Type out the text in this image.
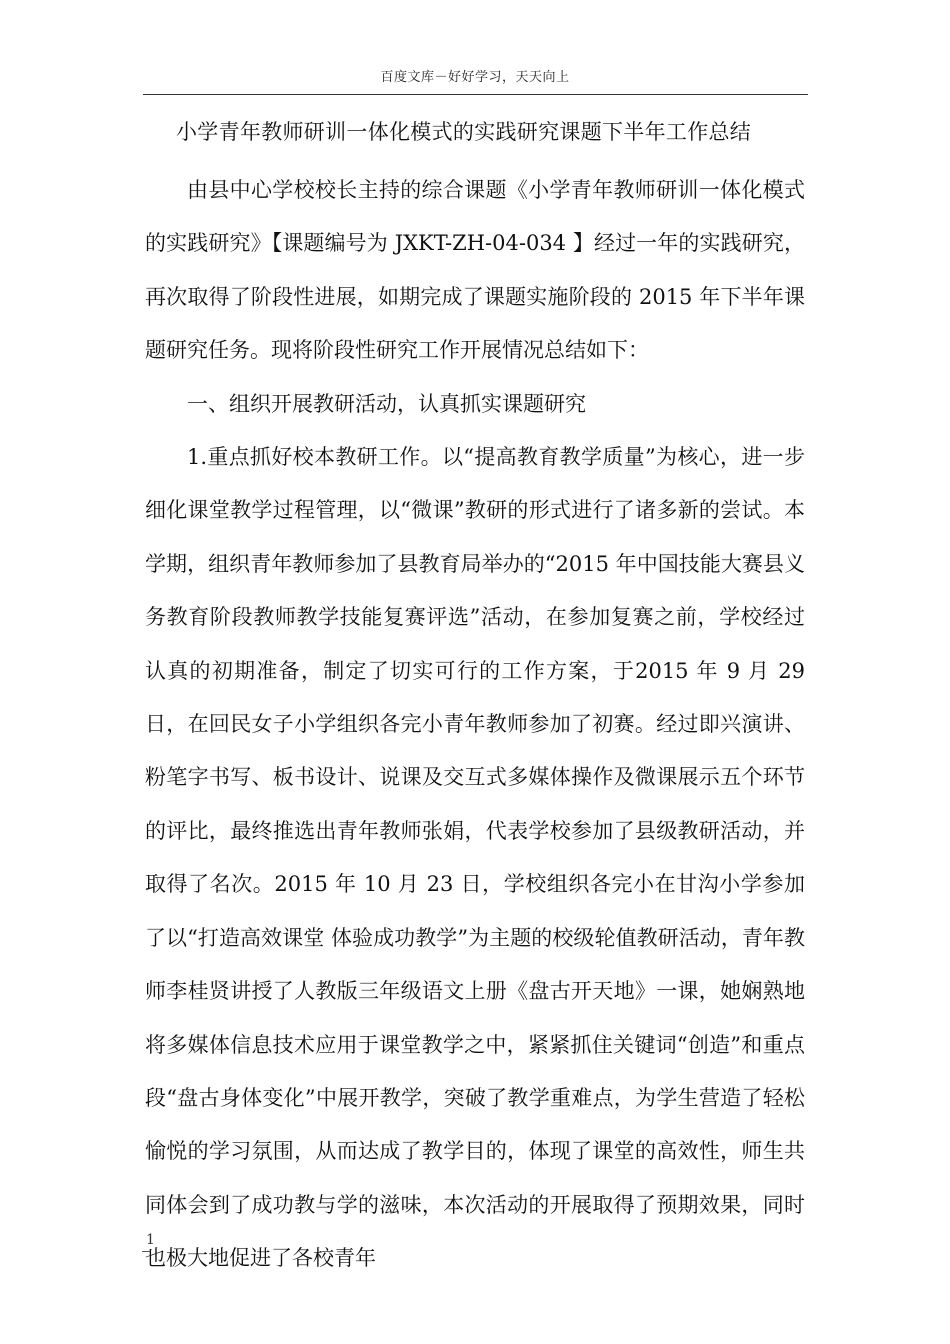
百度文库－好好学习，天天向上
小学青年教师研训一体化模式的实践研究课题下半年工作总结

由县中心学校校长主持的综合课题《小学青年教师研训一体化模式的实践研究》【课题编号为 JXKT-ZH-04-034 】经过一年的实践研究，再次取得了阶段性进展，如期完成了课题实施阶段的 2015 年下半年课题研究任务。现将阶段性研究工作开展情况总结如下：

一、组织开展教研活动，认真抓实课题研究

1.重点抓好校本教研工作。以“提高教育教学质量”为核心，进一步细化课堂教学过程管理，以“微课”教研的形式进行了诸多新的尝试。本学期，组织青年教师参加了县教育局举办的“2015 年中国技能大赛县义务教育阶段教师教学技能复赛评选”活动，在参加复赛之前，学校经过认真的初期准备，制定了切实可行的工作方案，于2015 年 9 月 29 日，在回民女子小学组织各完小青年教师参加了初赛。经过即兴演讲、粉笔字书写、板书设计、说课及交互式多媒体操作及微课展示五个环节的评比，最终推选出青年教师张娟，代表学校参加了县级教研活动，并取得了名次。2015 年 10 月 23 日，学校组织各完小在甘沟小学参加了以“打造高效课堂 体验成功教学”为主题的校级轮值教研活动，青年教师李桂贤讲授了人教版三年级语文上册《盘古开天地》一课，她娴熟地将多媒体信息技术应用于课堂教学之中，紧紧抓住关键词“创造”和重点段“盘古身体变化”中展开教学，突破了教学重难点，为学生营造了轻松愉悦的学习氛围，从而达成了教学目的，体现了课堂的高效性，师生共同体会到了成功教与学的滋味，本次活动的开展取得了预期效果，同时也极大地促进了各校青年

1
